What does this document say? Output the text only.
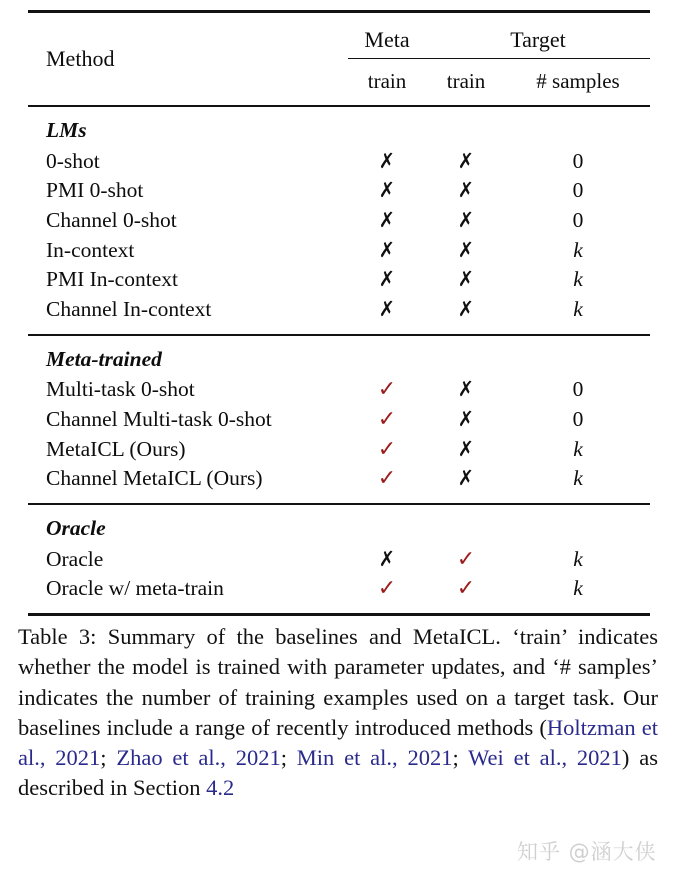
Method	Meta	Target	

	train	train	# samples
LMs			
0-shot	✗	✗	0
PMI 0-shot	✗	✗	0
Channel 0-shot	✗	✗	0
In-context	✗	✗	k
PMI In-context	✗	✗	k
Channel In-context	✗	✗	k
Meta-trained			
Multi-task 0-shot	✓	✗	0
Channel Multi-task 0-shot	✓	✗	0
MetaICL (Ours)	✓	✗	k
Channel MetaICL (Ours)	✓	✗	k
Oracle			
Oracle	✗	✓	k
Oracle w/ meta-train	✓	✓	k

Table 3: Summary of the baselines and MetaICL. ‘train’ indicates whether the model is trained with parameter updates, and ‘# samples’ indicates the number of training examples used on a target task. Our baselines include a range of recently introduced methods (Holtzman et al., 2021; Zhao et al., 2021; Min et al., 2021; Wei et al., 2021) as described in Section 4.2
知乎 @涵大侠
